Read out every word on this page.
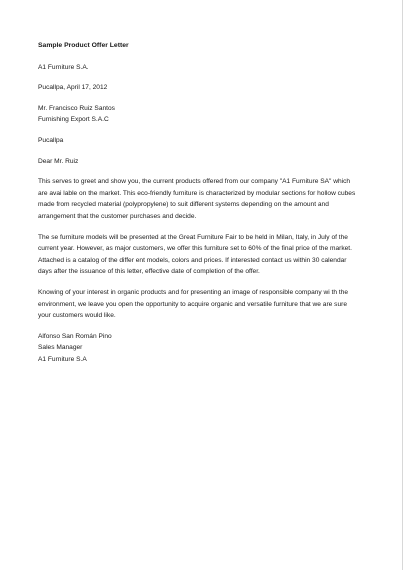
Sample Product Offer Letter

A1 Furniture S.A.

Pucallpa, April 17, 2012

Mr. Francisco Ruiz Santos

Furnishing Export S.A.C

Pucallpa

Dear Mr. Ruiz

This serves to greet and show you, the current products offered from our company "A1 Furniture SA" which

are avai lable on the market. This eco-friendly furniture is characterized by modular sections for hollow cubes

made from recycled material (polypropylene) to suit different systems depending on the amount and

arrangement that the customer purchases and decide.

The se furniture models will be presented at the Great Furniture Fair to be held in Milan, Italy, in July of the

current year. However, as major customers, we offer this furniture set to 60% of the final price of the market.

Attached is a catalog of the differ ent models, colors and prices. If interested contact us within 30 calendar

days after the issuance of this letter, effective date of completion of the offer.

Knowing of your interest in organic products and for presenting an image of responsible company wi th the

environment, we leave you open the opportunity to acquire organic and versatile furniture that we are sure

your customers would like.

Alfonso San Román Pino

Sales Manager

A1 Furniture S.A
